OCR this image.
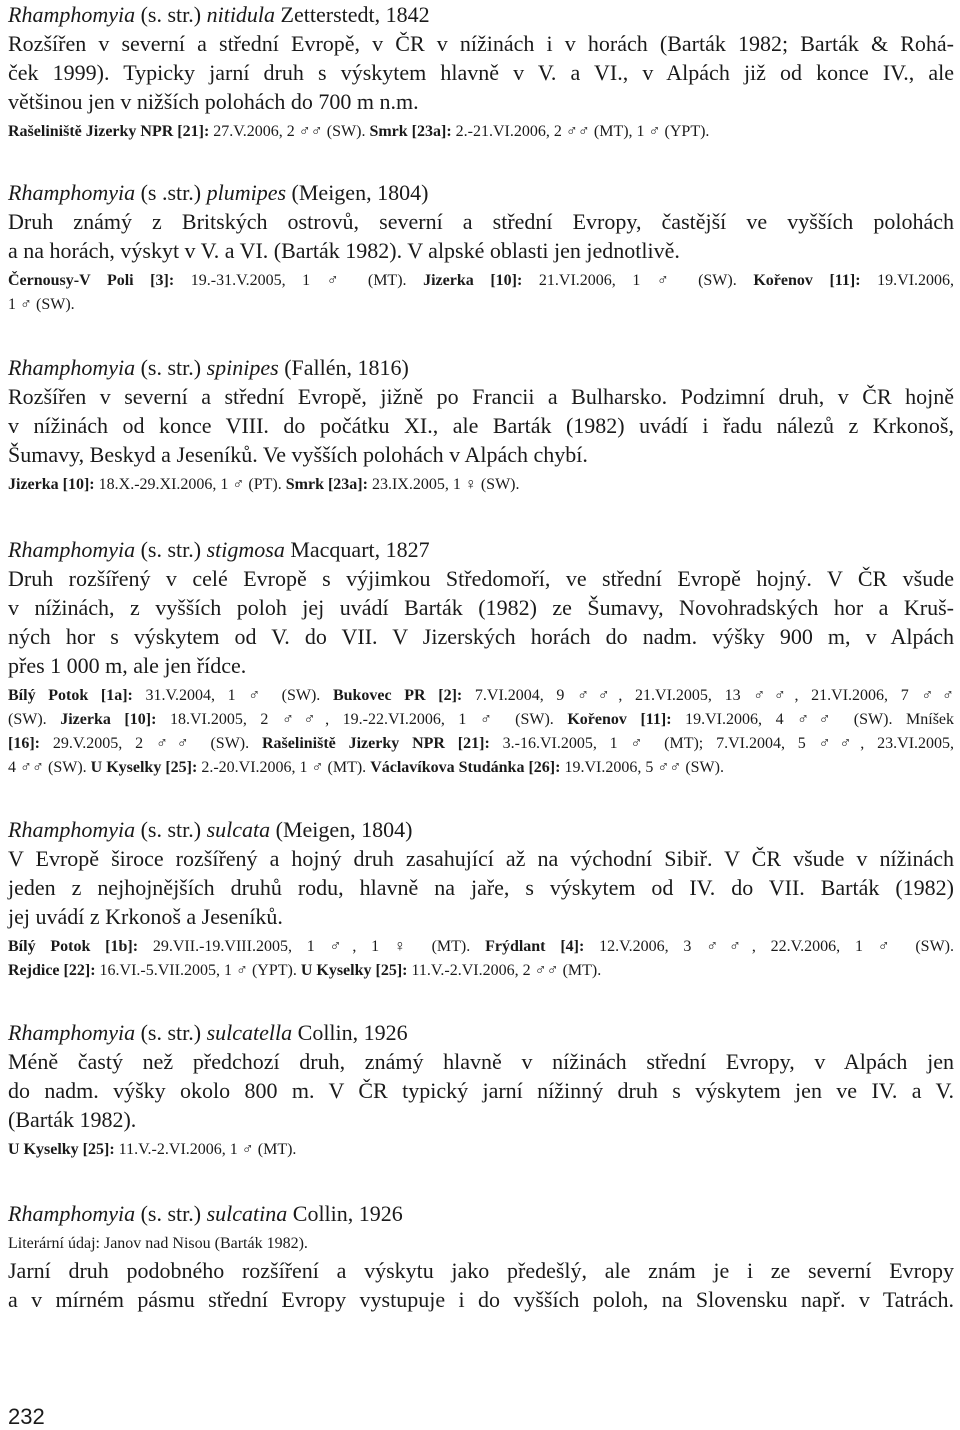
Rhamphomyia (s. str.) nitidula Zetterstedt, 1842
Rozšířen v severní a střední Evropě, v ČR v nížinách i v horách (Barták 1982; Barták & Rohá-
ček 1999). Typicky jarní druh s výskytem hlavně v V. a VI., v Alpách již od konce IV., ale
většinou jen v nižších polohách do 700 m n.m.
Rašeliniště Jizerky NPR [21]: 27.V.2006, 2 ♂♂ (SW). Smrk [23a]: 2.-21.VI.2006, 2 ♂♂ (MT), 1 ♂ (YPT).
Rhamphomyia (s .str.) plumipes (Meigen, 1804)
Druh známý z Britských ostrovů, severní a střední Evropy, častější ve vyšších polohách
a na horách, výskyt v V. a VI. (Barták 1982). V alpské oblasti jen jednotlivě.
Černousy-V Poli [3]: 19.-31.V.2005, 1 ♂ (MT). Jizerka [10]: 21.VI.2006, 1 ♂ (SW). Kořenov [11]: 19.VI.2006,
1 ♂ (SW).
Rhamphomyia (s. str.) spinipes (Fallén, 1816)
Rozšířen v severní a střední Evropě, jižně po Francii a Bulharsko. Podzimní druh, v ČR hojně
v nížinách od konce VIII. do počátku XI., ale Barták (1982) uvádí i řadu nálezů z Krkonoš,
Šumavy, Beskyd a Jeseníků. Ve vyšších polohách v Alpách chybí.
Jizerka [10]: 18.X.-29.XI.2006, 1 ♂ (PT). Smrk [23a]: 23.IX.2005, 1 ♀ (SW).
Rhamphomyia (s. str.) stigmosa Macquart, 1827
Druh rozšířený v celé Evropě s výjimkou Středomoří, ve střední Evropě hojný. V ČR všude
v nížinách, z vyšších poloh jej uvádí Barták (1982) ze Šumavy, Novohradských hor a Kruš-
ných hor s výskytem od V. do VII. V Jizerských horách do nadm. výšky 900 m, v Alpách
přes 1 000 m, ale jen řídce.
Bílý Potok [1a]: 31.V.2004, 1 ♂ (SW). Bukovec PR [2]: 7.VI.2004, 9 ♂♂, 21.VI.2005, 13 ♂♂, 21.VI.2006, 7 ♂♂
(SW). Jizerka [10]: 18.VI.2005, 2 ♂♂, 19.-22.VI.2006, 1 ♂ (SW). Kořenov [11]: 19.VI.2006, 4 ♂♂ (SW). Mníšek
[16]: 29.V.2005, 2 ♂♂ (SW). Rašeliniště Jizerky NPR [21]: 3.-16.VI.2005, 1 ♂ (MT); 7.VI.2004, 5 ♂♂, 23.VI.2005,
4 ♂♂ (SW). U Kyselky [25]: 2.-20.VI.2006, 1 ♂ (MT). Václavíkova Studánka [26]: 19.VI.2006, 5 ♂♂ (SW).
Rhamphomyia (s. str.) sulcata (Meigen, 1804)
V Evropě široce rozšířený a hojný druh zasahující až na východní Sibiř. V ČR všude v nížinách
jeden z nejhojnějších druhů rodu, hlavně na jaře, s výskytem od IV. do VII. Barták (1982)
jej uvádí z Krkonoš a Jeseníků.
Bílý Potok [1b]: 29.VII.-19.VIII.2005, 1 ♂, 1 ♀ (MT). Frýdlant [4]: 12.V.2006, 3 ♂♂, 22.V.2006, 1 ♂ (SW).
Rejdice [22]: 16.VI.-5.VII.2005, 1 ♂ (YPT). U Kyselky [25]: 11.V.-2.VI.2006, 2 ♂♂ (MT).
Rhamphomyia (s. str.) sulcatella Collin, 1926
Méně častý než předchozí druh, známý hlavně v nížinách střední Evropy, v Alpách jen
do nadm. výšky okolo 800 m. V ČR typický jarní nížinný druh s výskytem jen ve IV. a V.
(Barták 1982).
U Kyselky [25]: 11.V.-2.VI.2006, 1 ♂ (MT).
Rhamphomyia (s. str.) sulcatina Collin, 1926
Literární údaj: Janov nad Nisou (Barták 1982).
Jarní druh podobného rozšíření a výskytu jako předešlý, ale znám je i ze severní Evropy
a v mírném pásmu střední Evropy vystupuje i do vyšších poloh, na Slovensku např. v Tatrách.
232
